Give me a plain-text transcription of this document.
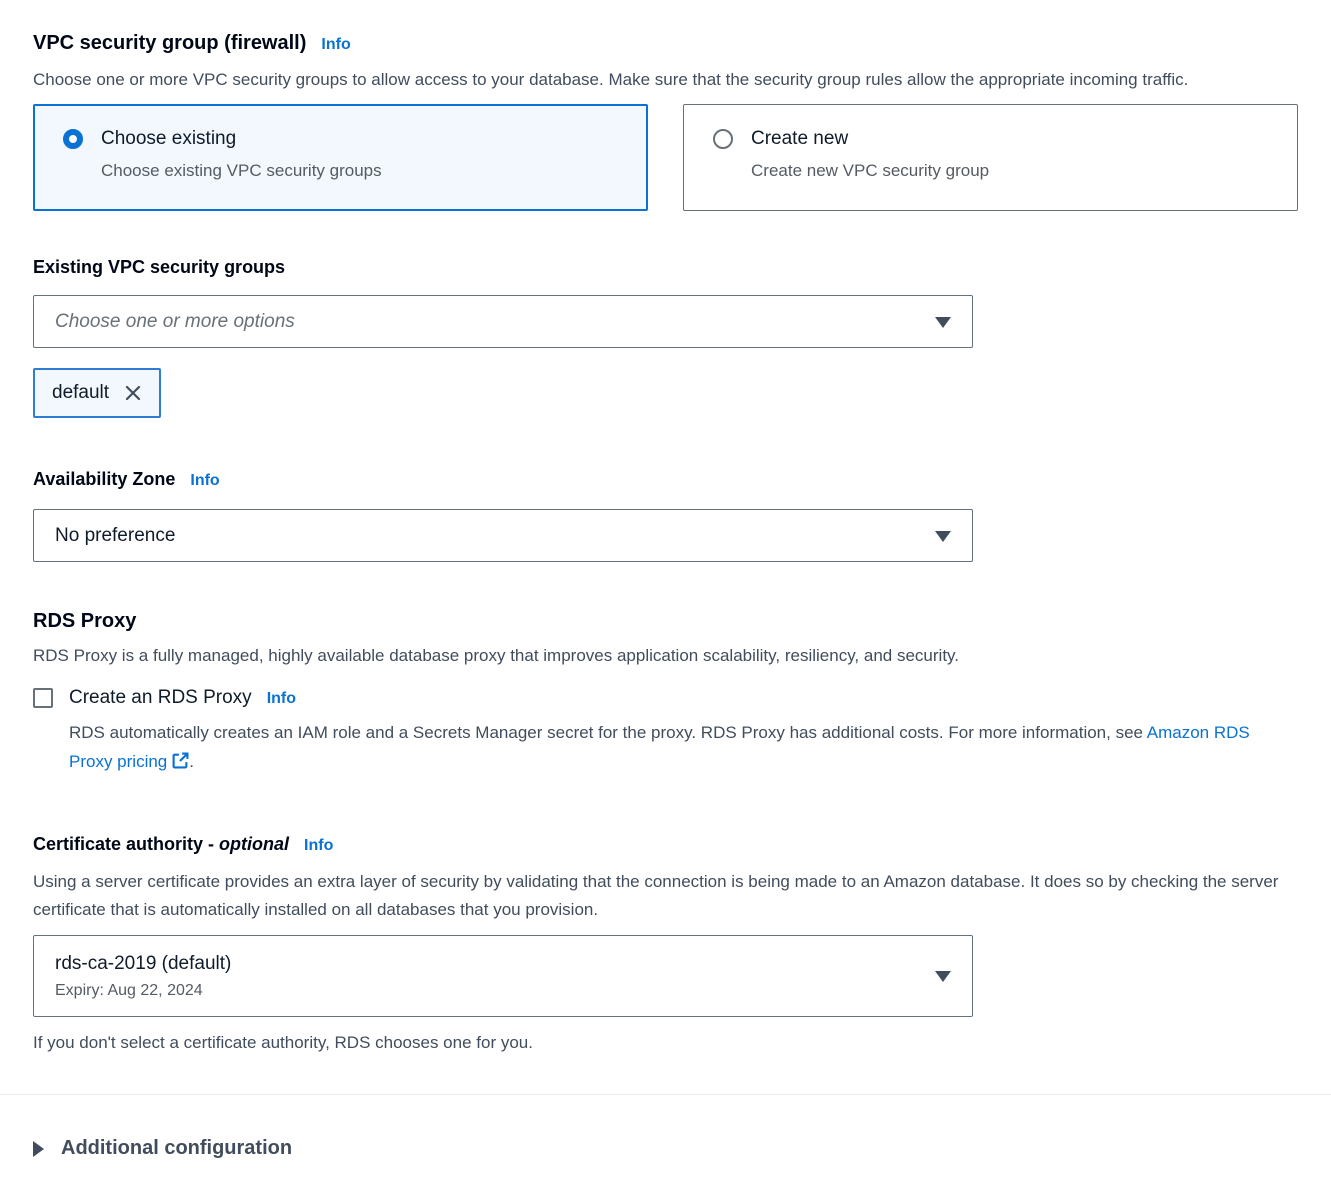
VPC security group (firewall) Info
Choose one or more VPC security groups to allow access to your database. Make sure that the security group rules allow the appropriate incoming traffic.
Choose existing
Choose existing VPC security groups
Create new
Create new VPC security group
Existing VPC security groups
Choose one or more options
default
Availability Zone Info
No preference
RDS Proxy
RDS Proxy is a fully managed, highly available database proxy that improves application scalability, resiliency, and security.
Create an RDS Proxy Info
RDS automatically creates an IAM role and a Secrets Manager secret for the proxy. RDS Proxy has additional costs. For more information, see Amazon RDS Proxy pricing .
Certificate authority - optional Info
Using a server certificate provides an extra layer of security by validating that the connection is being made to an Amazon database. It does so by checking the server certificate that is automatically installed on all databases that you provision.
rds-ca-2019 (default)
Expiry: Aug 22, 2024
If you don't select a certificate authority, RDS chooses one for you.
Additional configuration
